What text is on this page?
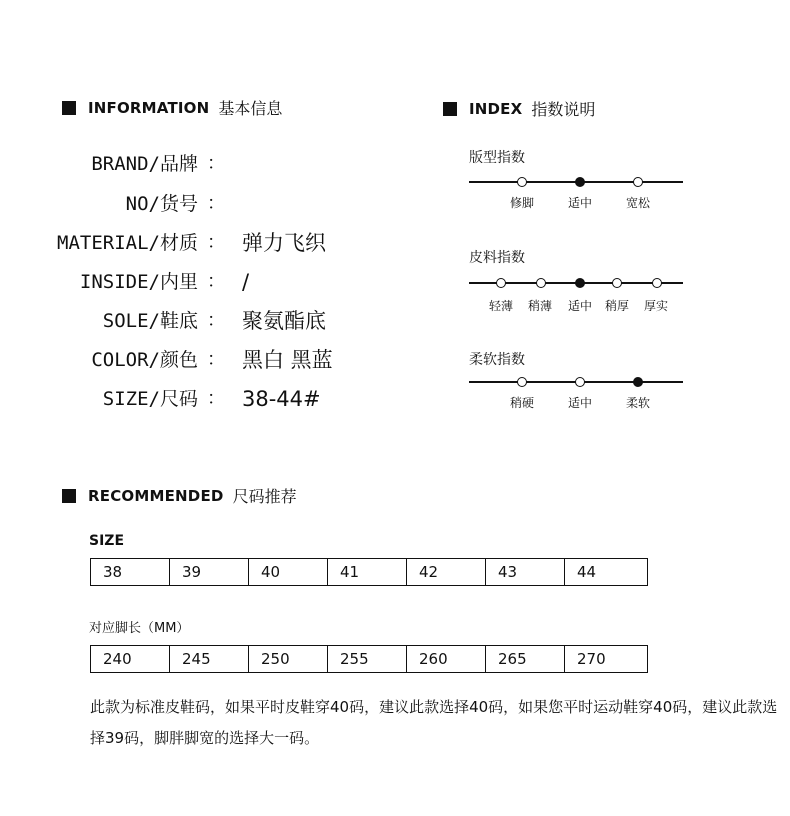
INFORMATION 基本信息
BRAND/品牌 ：
NO/货号 ：
MATERIAL/材质 ： 弹力飞织
INSIDE/内里 ： /
SOLE/鞋底 ： 聚氨酯底
COLOR/颜色 ： 黑白 黑蓝
SIZE/尺码 ： 38-44#
INDEX 指数说明
版型指数
修脚	适中	宽松
皮料指数
轻薄 稍薄 适中 稍厚 厚实
柔软指数
稍硬	适中	柔软
RECOMMENDED 尺码推荐
SIZE
38	39	40	41	42	43	44
对应脚长（MM）
240	245	250	255	260	265	270
此款为标准皮鞋码，如果平时皮鞋穿40码，建议此款选择40码，如果您平时运动鞋穿40码，建议此款选择39码，脚胖脚宽的选择大一码。
